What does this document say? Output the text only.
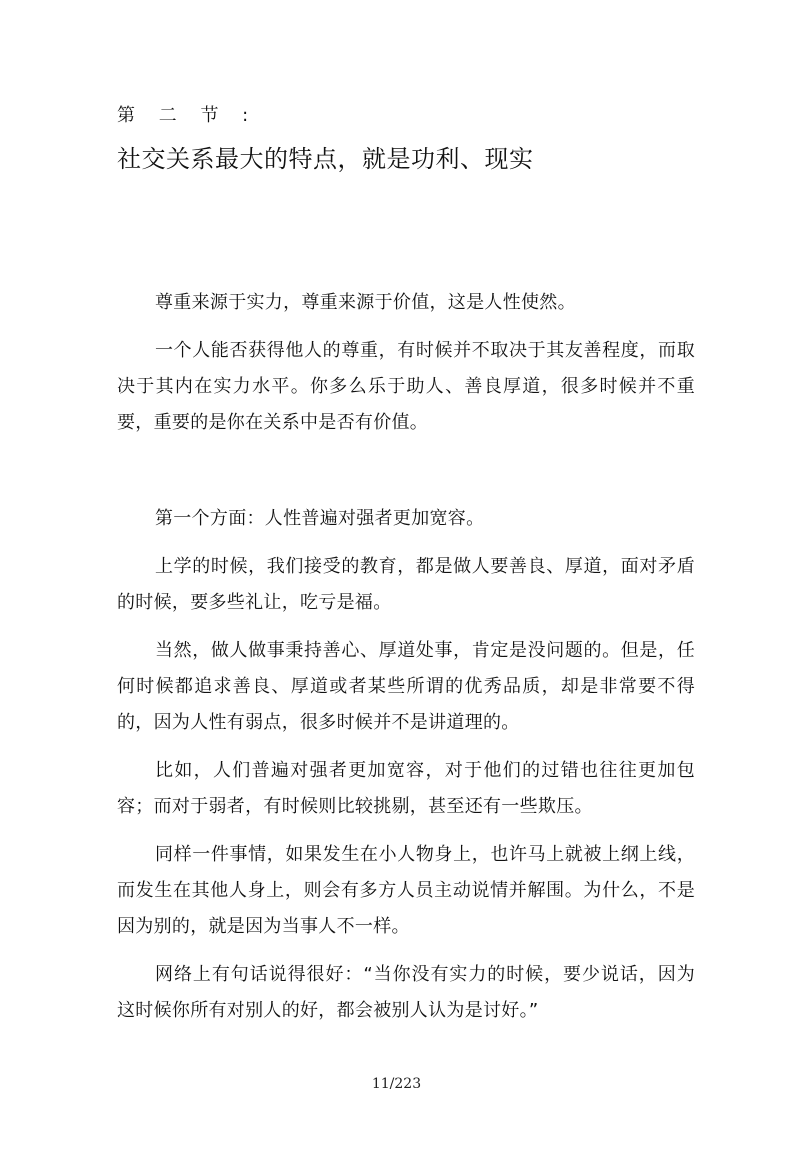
第 二 节 :
社交关系最大的特点，就是功利、现实

尊重来源于实力，尊重来源于价值，这是人性使然。

一个人能否获得他人的尊重，有时候并不取决于其友善程度，而取决于其内在实力水平。你多么乐于助人、善良厚道，很多时候并不重要，重要的是你在关系中是否有价值。

第一个方面：人性普遍对强者更加宽容。

上学的时候，我们接受的教育，都是做人要善良、厚道，面对矛盾的时候，要多些礼让，吃亏是福。

当然，做人做事秉持善心、厚道处事，肯定是没问题的。但是，任何时候都追求善良、厚道或者某些所谓的优秀品质，却是非常要不得的，因为人性有弱点，很多时候并不是讲道理的。

比如，人们普遍对强者更加宽容，对于他们的过错也往往更加包容；而对于弱者，有时候则比较挑剔，甚至还有一些欺压。

同样一件事情，如果发生在小人物身上，也许马上就被上纲上线，而发生在其他人身上，则会有多方人员主动说情并解围。为什么，不是因为别的，就是因为当事人不一样。

网络上有句话说得很好：“当你没有实力的时候，要少说话，因为这时候你所有对别人的好，都会被别人认为是讨好。”

11/223
